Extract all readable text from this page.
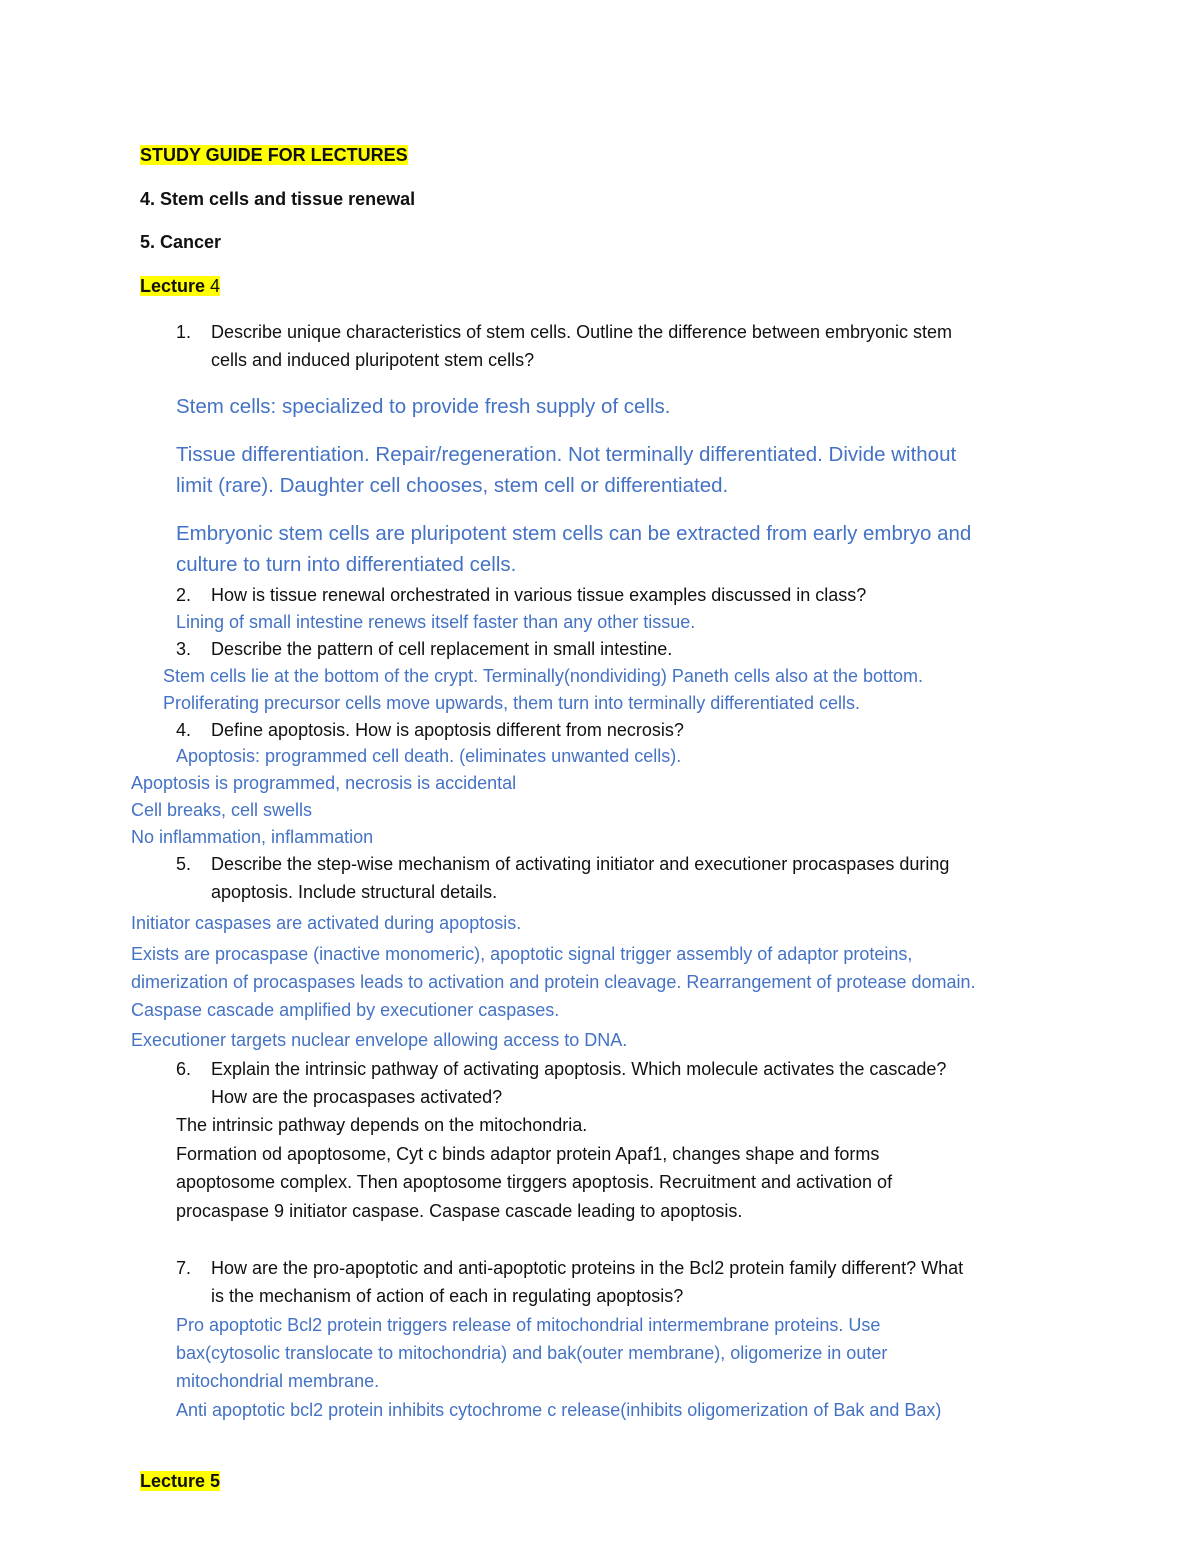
STUDY GUIDE FOR LECTURES
4. Stem cells and tissue renewal
5. Cancer
Lecture 4
1. Describe unique characteristics of stem cells. Outline the difference between embryonic stem
cells and induced pluripotent stem cells?
Stem cells: specialized to provide fresh supply of cells.
Tissue differentiation. Repair/regeneration. Not terminally differentiated. Divide without
limit (rare). Daughter cell chooses, stem cell or differentiated.
Embryonic stem cells are pluripotent stem cells can be extracted from early embryo and
culture to turn into differentiated cells.
2. How is tissue renewal orchestrated in various tissue examples discussed in class?
Lining of small intestine renews itself faster than any other tissue.
3. Describe the pattern of cell replacement in small intestine.
Stem cells lie at the bottom of the crypt. Terminally(nondividing) Paneth cells also at the bottom.
Proliferating precursor cells move upwards, them turn into terminally differentiated cells.
4. Define apoptosis. How is apoptosis different from necrosis?
Apoptosis: programmed cell death. (eliminates unwanted cells).
Apoptosis is programmed, necrosis is accidental
Cell breaks, cell swells
No inflammation, inflammation
5. Describe the step-wise mechanism of activating initiator and executioner procaspases during
apoptosis. Include structural details.
Initiator caspases are activated during apoptosis.
Exists are procaspase (inactive monomeric), apoptotic signal trigger assembly of adaptor proteins,
dimerization of procaspases leads to activation and protein cleavage. Rearrangement of protease domain.
Caspase cascade amplified by executioner caspases.
Executioner targets nuclear envelope allowing access to DNA.
6. Explain the intrinsic pathway of activating apoptosis. Which molecule activates the cascade?
How are the procaspases activated?
The intrinsic pathway depends on the mitochondria.
Formation od apoptosome, Cyt c binds adaptor protein Apaf1, changes shape and forms
apoptosome complex. Then apoptosome tirggers apoptosis. Recruitment and activation of
procaspase 9 initiator caspase. Caspase cascade leading to apoptosis.
7. How are the pro-apoptotic and anti-apoptotic proteins in the Bcl2 protein family different? What
is the mechanism of action of each in regulating apoptosis?
Pro apoptotic Bcl2 protein triggers release of mitochondrial intermembrane proteins. Use
bax(cytosolic translocate to mitochondria) and bak(outer membrane), oligomerize in outer
mitochondrial membrane.
Anti apoptotic bcl2 protein inhibits cytochrome c release(inhibits oligomerization of Bak and Bax)
Lecture 5
